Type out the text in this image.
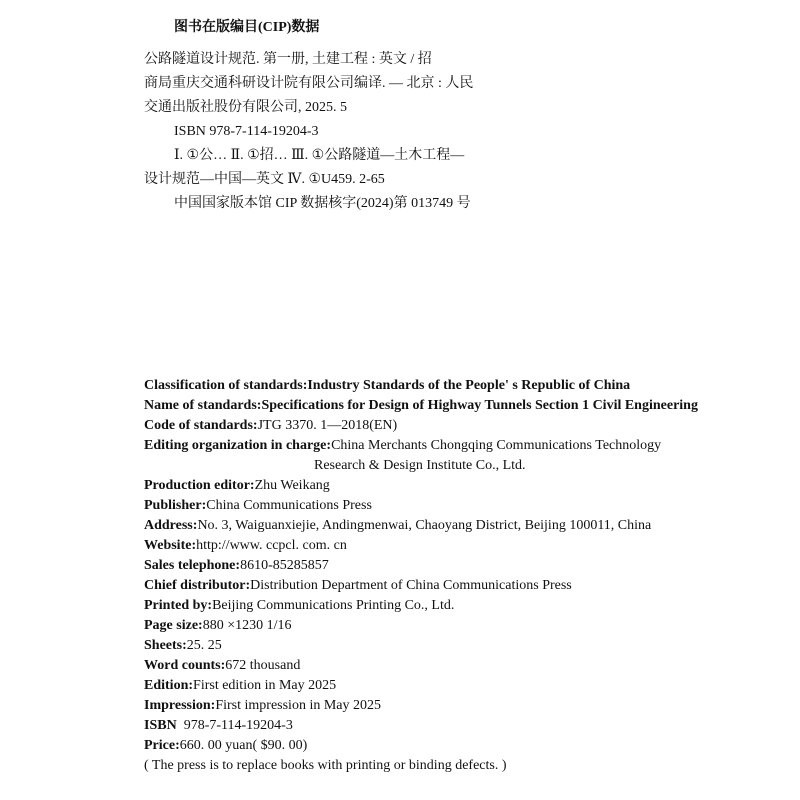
图书在版编目(CIP)数据
公路隧道设计规范. 第一册, 土建工程 : 英文 / 招
商局重庆交通科研设计院有限公司编译. — 北京 : 人民
交通出版社股份有限公司, 2025. 5
ISBN 978-7-114-19204-3
Ⅰ. ①公… Ⅱ. ①招… Ⅲ. ①公路隧道—土木工程—
设计规范—中国—英文 Ⅳ. ①U459. 2-65
中国国家版本馆 CIP 数据核字(2024)第 013749 号
Classification of standards:Industry Standards of the People' s Republic of China
Name of standards:Specifications for Design of Highway Tunnels Section 1 Civil Engineering
Code of standards:JTG 3370. 1—2018(EN)
Editing organization in charge:China Merchants Chongqing Communications Technology
Research & Design Institute Co., Ltd.
Production editor:Zhu Weikang
Publisher:China Communications Press
Address:No. 3, Waiguanxiejie, Andingmenwai, Chaoyang District, Beijing 100011, China
Website:http://www. ccpcl. com. cn
Sales telephone:8610-85285857
Chief distributor:Distribution Department of China Communications Press
Printed by:Beijing Communications Printing Co., Ltd.
Page size:880 ×1230 1/16
Sheets:25. 25
Word counts:672 thousand
Edition:First edition in May 2025
Impression:First impression in May 2025
ISBN 978-7-114-19204-3
Price:660. 00 yuan( $90. 00)
( The press is to replace books with printing or binding defects. )
